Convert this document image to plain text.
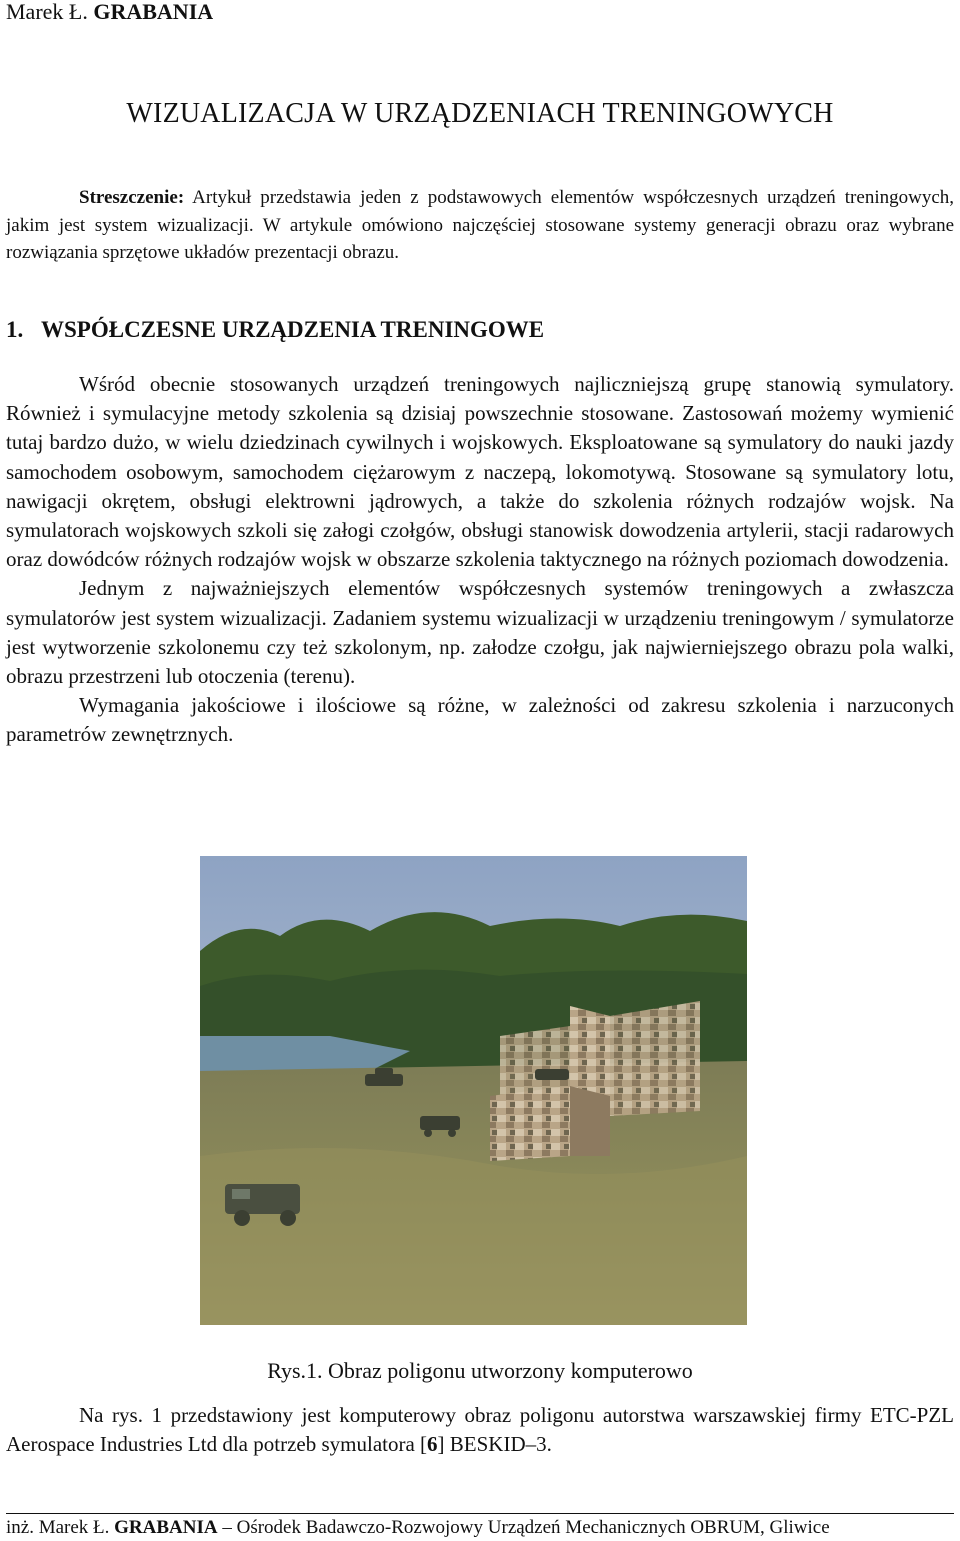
Marek Ł. GRABANIA
WIZUALIZACJA W URZĄDZENIACH TRENINGOWYCH

Streszczenie: Artykuł przedstawia jeden z podstawowych elementów współczesnych urządzeń treningowych, jakim jest system wizualizacji. W artykule omówiono najczęściej stosowane systemy generacji obrazu oraz wybrane rozwiązania sprzętowe układów prezentacji obrazu.

1. WSPÓŁCZESNE URZĄDZENIA TRENINGOWE

Wśród obecnie stosowanych urządzeń treningowych najliczniejszą grupę stanowią symulatory. Również i symulacyjne metody szkolenia są dzisiaj powszechnie stosowane. Zastosowań możemy wymienić tutaj bardzo dużo, w wielu dziedzinach cywilnych i wojskowych. Eksploatowane są symulatory do nauki jazdy samochodem osobowym, samochodem ciężarowym z naczepą, lokomotywą. Stosowane są symulatory lotu, nawigacji okrętem, obsługi elektrowni jądrowych, a także do szkolenia różnych rodzajów wojsk. Na symulatorach wojskowych szkoli się załogi czołgów, obsługi stanowisk dowodzenia artylerii, stacji radarowych oraz dowódców różnych rodzajów wojsk w obszarze szkolenia taktycznego na różnych poziomach dowodzenia.

Jednym z najważniejszych elementów współczesnych systemów treningowych a zwłaszcza symulatorów jest system wizualizacji. Zadaniem systemu wizualizacji w urządzeniu treningowym / symulatorze jest wytworzenie szkolonemu czy też szkolonym, np. załodze czołgu, jak najwierniejszego obrazu pola walki, obrazu przestrzeni lub otoczenia (terenu).

Wymagania jakościowe i ilościowe są różne, w zależności od zakresu szkolenia i narzuconych parametrów zewnętrznych.

Rys.1. Obraz poligonu utworzony komputerowo

Na rys. 1 przedstawiony jest komputerowy obraz poligonu autorstwa warszawskiej firmy ETC-PZL Aerospace Industries Ltd dla potrzeb symulatora [6] BESKID–3.

inż. Marek Ł. GRABANIA – Ośrodek Badawczo-Rozwojowy Urządzeń Mechanicznych OBRUM, Gliwice
